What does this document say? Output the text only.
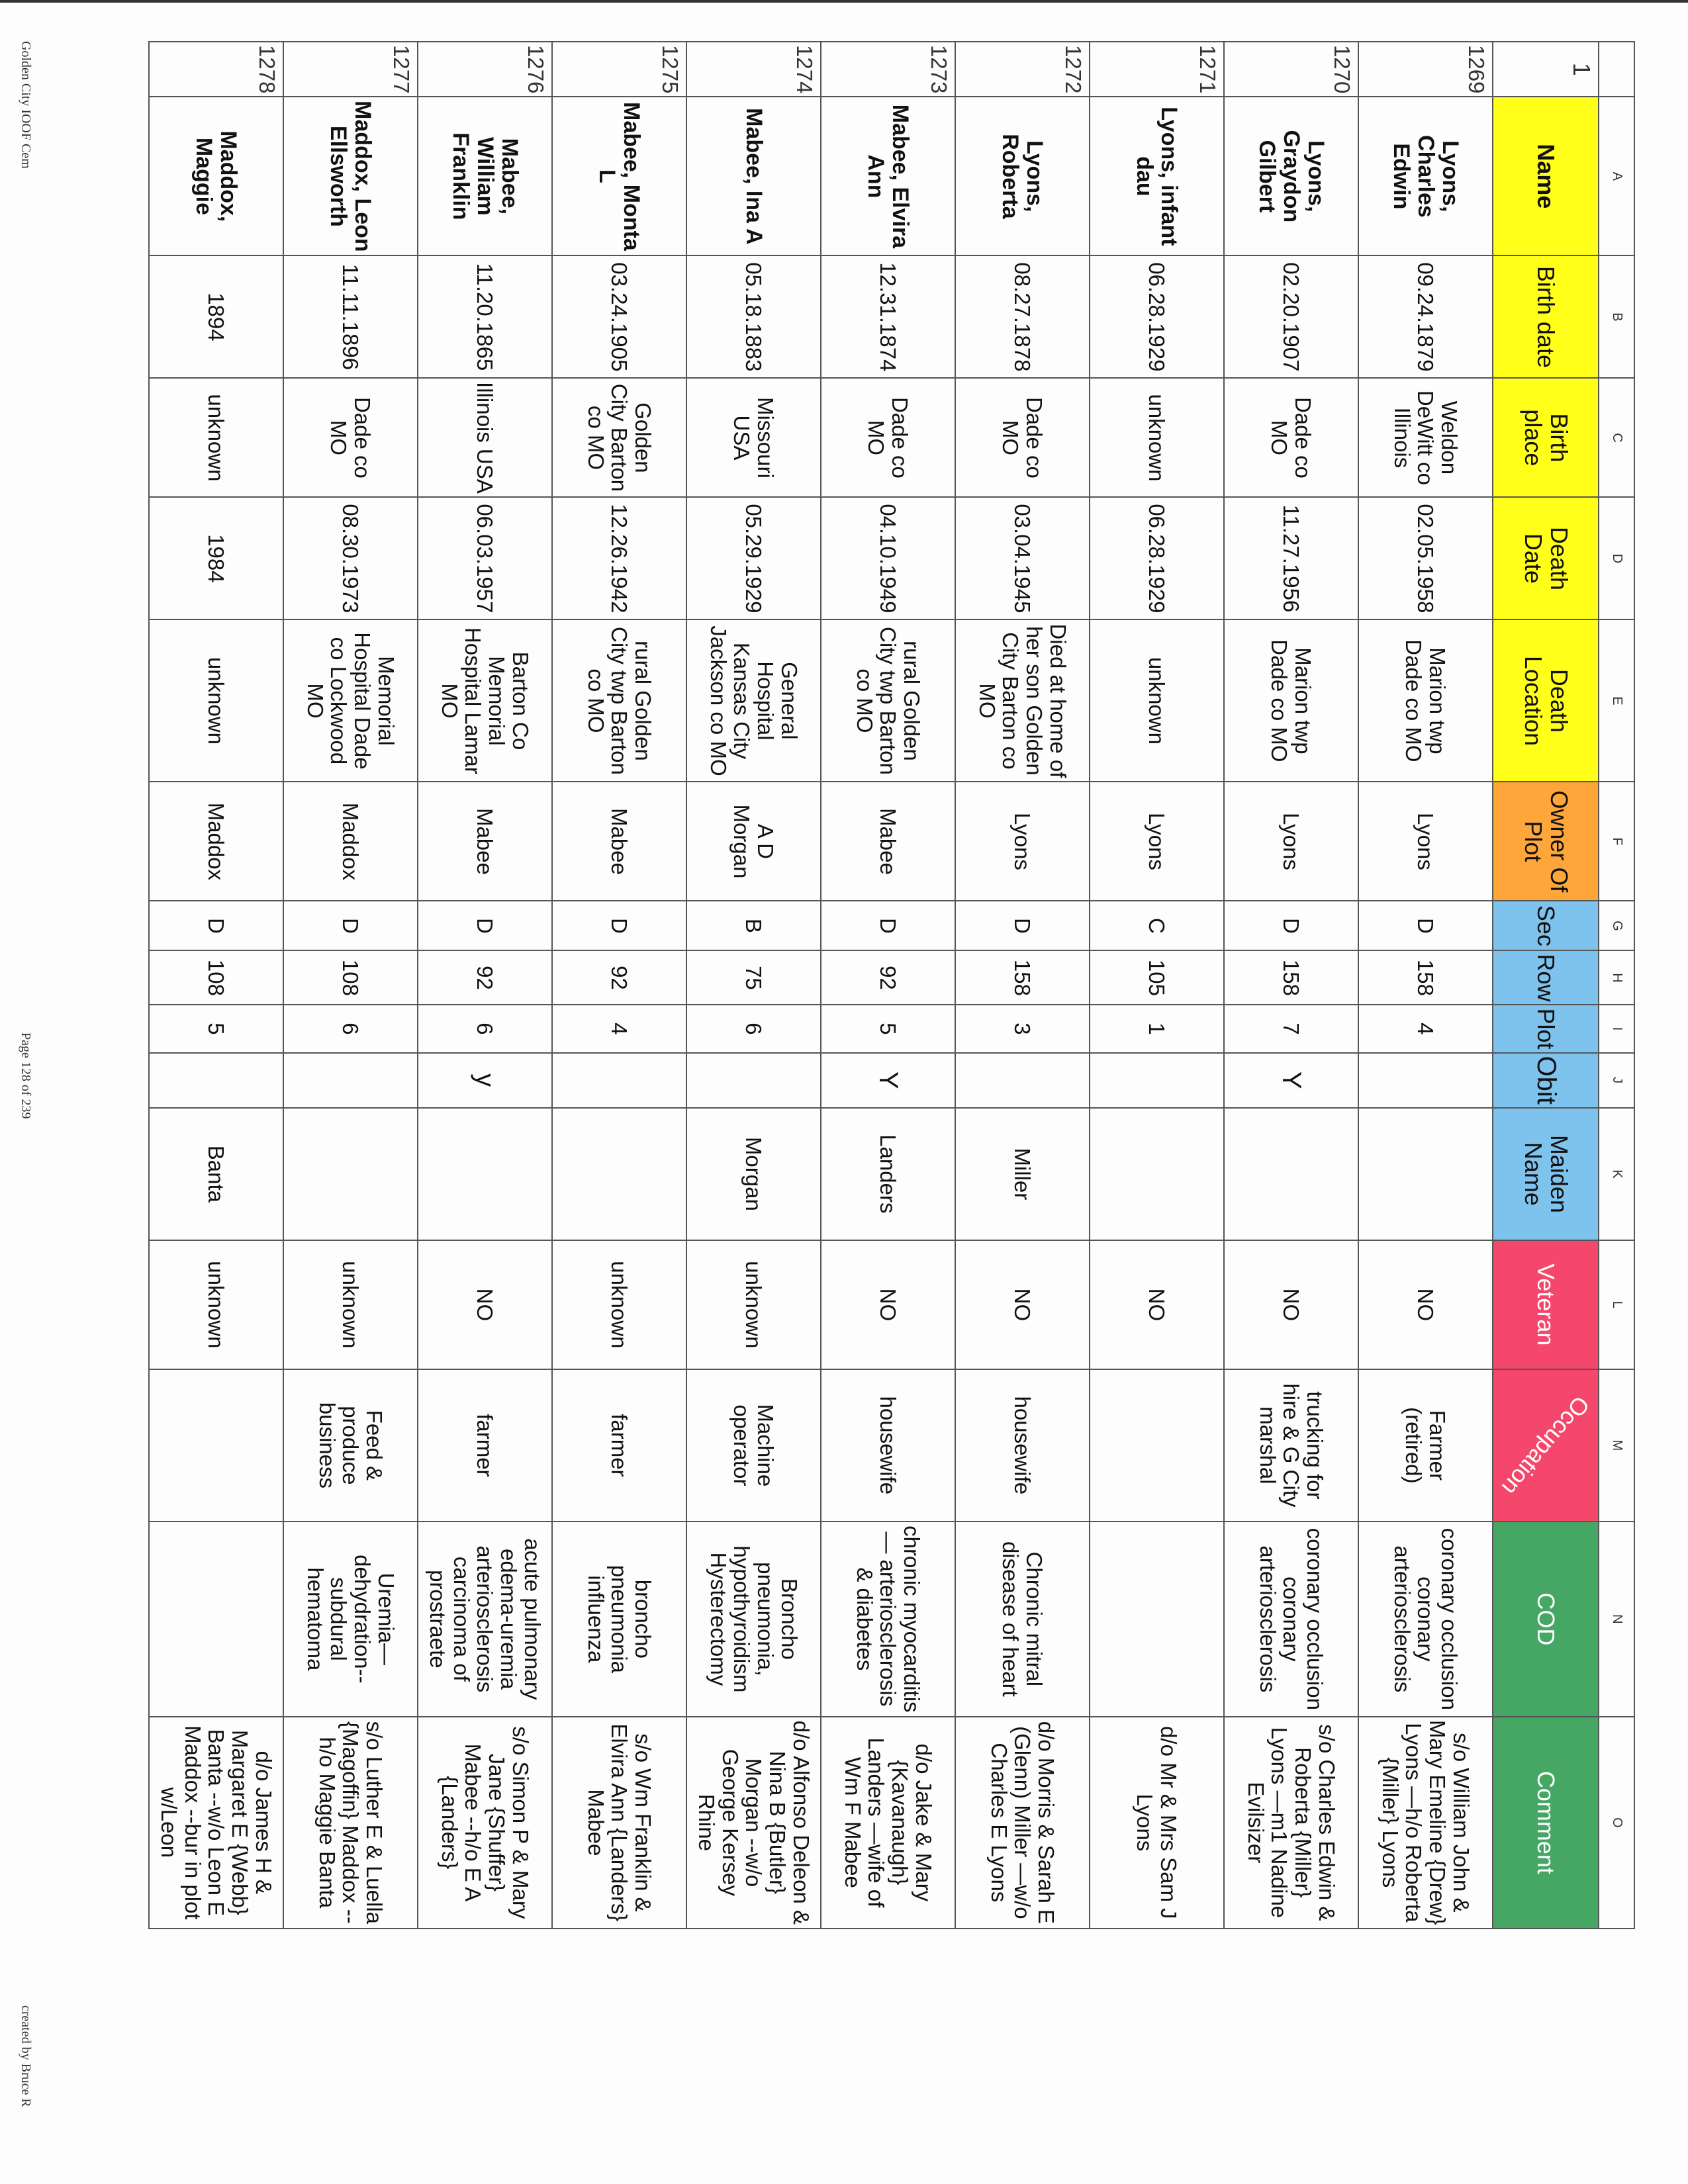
	A	B	C	D	E	F	G	H	I	J	K	L	M	N	O
1	Name	Birth date	Birth place	Death Date	Death Location	Owner Of Plot	Sec	Row	Plot	Obit	Maiden Name	Veteran	Occupation	COD	Comment
1269	Lyons, Charles Edwin	09.24.1879	Weldon DeWitt co Illinois	02.05.1958	Marion twp Dade co MO	Lyons	D	158	4			NO	Farmer (retired)	coronary occlusion coronary arteriosclerosis	s/o William John & Mary Emeline {Drew} Lyons —h/o Roberta {Miller} Lyons
1270	Lyons, Graydon Gilbert	02.20.1907	Dade co MO	11.27.1956	Marion twp Dade co MO	Lyons	D	158	7	Y		NO	trucking for hire & G City marshal	coronary occlusion coronary arteriosclerosis	s/o Charles Edwin & Roberta {Miller} Lyons —m1 Nadine Evilsizer
1271	Lyons, infant dau	06.28.1929	unknown	06.28.1929	unknown	Lyons	C	105	1			NO			d/o Mr & Mrs Sam J Lyons
1272	Lyons, Roberta	08.27.1878	Dade co MO	03.04.1945	Died at home of her son Golden City Barton co MO	Lyons	D	158	3		Miller	NO	housewife	Chronic mitral disease of heart	d/o Morris & Sarah E (Glenn) Miller —w/o Charles E Lyons
1273	Mabee, Elvira Ann	12.31.1874	Dade co MO	04.10.1949	rural Golden City twp Barton co MO	Mabee	D	92	5	Y	Landers	NO	housewife	chronic myocarditis— arteriosclerosis & diabetes	d/o Jake & Mary {Kavanaugh} Landers —wife of Wm F Mabee
1274	Mabee, Ina A	05.18.1883	Missouri USA	05.29.1929	General Hospital Kansas City Jackson co MO	A D Morgan	B	75	6		Morgan	unknown	Machine operator	Broncho pneumonia, hypothyroidism Hysterectomy	d/o Alfonso Deleon & Nina B {Butler} Morgan --w/o George Kersey Rhine
1275	Mabee, Monta L	03.24.1905	Golden City Barton co MO	12.26.1942	rural Golden City twp Barton co MO	Mabee	D	92	4			unknown	farmer	broncho pneumonia influenza	s/o Wm Franklin & Elvira Ann {Landers} Mabee
1276	Mabee, William Franklin	11.20.1865	Illinois USA	06.03.1957	Barton Co Memorial Hospital Lamar MO	Mabee	D	92	6	y		NO	farmer	acute pulmonary edema-uremia arteriosclerosis carcinoma of prostraete	s/o Simon P & Mary Jane {Shuffer} Mabee --h/o E A {Landers}
1277	Maddox, Leon Ellsworth	11.11.1896	Dade co MO	08.30.1973	Memorial Hospital Dade co Lockwood MO	Maddox	D	108	6			unknown	Feed & produce business	Uremia— dehydration-- subdural hematoma	s/o Luther E & Luella {Magoffin} Maddox --h/o Maggie Banta
1278	Maddox, Maggie	1894	unknown	1984	unknown	Maddox	D	108	5		Banta	unknown			d/o James H & Margaret E {Webb} Banta --w/o Leon E Maddox --bur in plot w/Leon
Golden City IOOF Cem
Page 128 of 239
created by Bruce R
